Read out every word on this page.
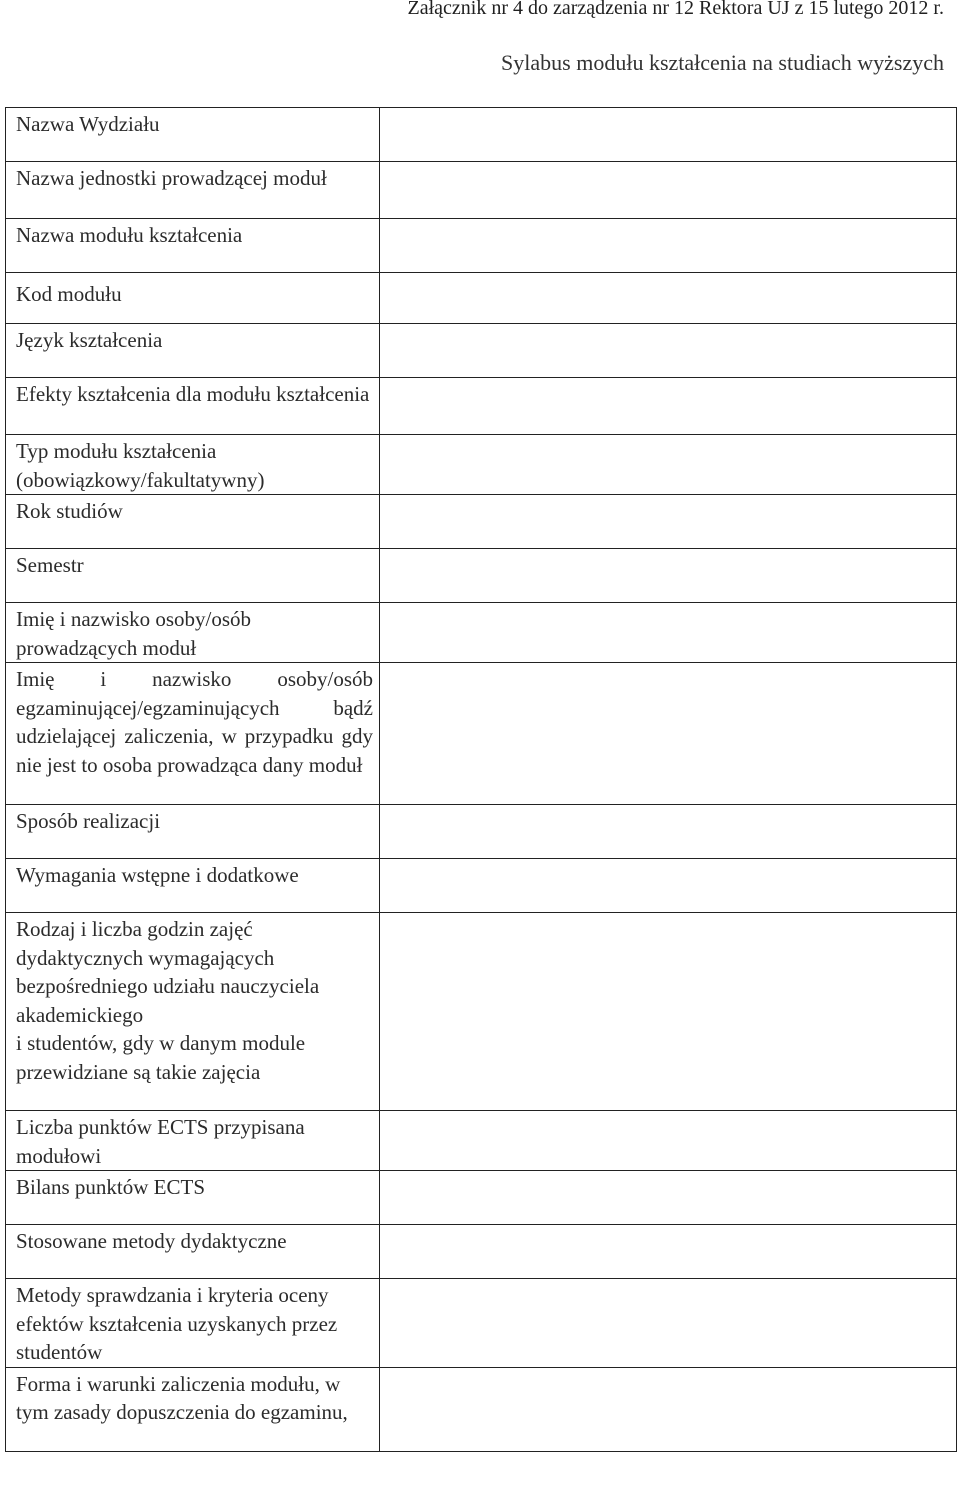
Załącznik nr 4 do zarządzenia nr 12 Rektora UJ z 15 lutego 2012 r.
Sylabus modułu kształcenia na studiach wyższych
Nazwa Wydziału	
Nazwa jednostki prowadzącej moduł	
Nazwa modułu kształcenia	
Kod modułu	
Język kształcenia	
Efekty kształcenia dla modułu kształcenia	
Typ modułu kształcenia (obowiązkowy/fakultatywny)	
Rok studiów	
Semestr	
Imię i nazwisko osoby/osób prowadzących moduł	
Imię i nazwisko osoby/osób egzaminującej/egzaminujących bądź udzielającej zaliczenia, w przypadku gdy nie jest to osoba prowadząca dany moduł	
Sposób realizacji	
Wymagania wstępne i dodatkowe	
Rodzaj i liczba godzin zajęć dydaktycznych wymagających bezpośredniego udziału nauczyciela akademickiego
i studentów, gdy w danym module przewidziane są takie zajęcia	
Liczba punktów ECTS przypisana modułowi	
Bilans punktów ECTS	
Stosowane metody dydaktyczne	
Metody sprawdzania i kryteria oceny efektów kształcenia uzyskanych przez studentów	
Forma i warunki zaliczenia modułu, w tym zasady dopuszczenia do egzaminu,	
